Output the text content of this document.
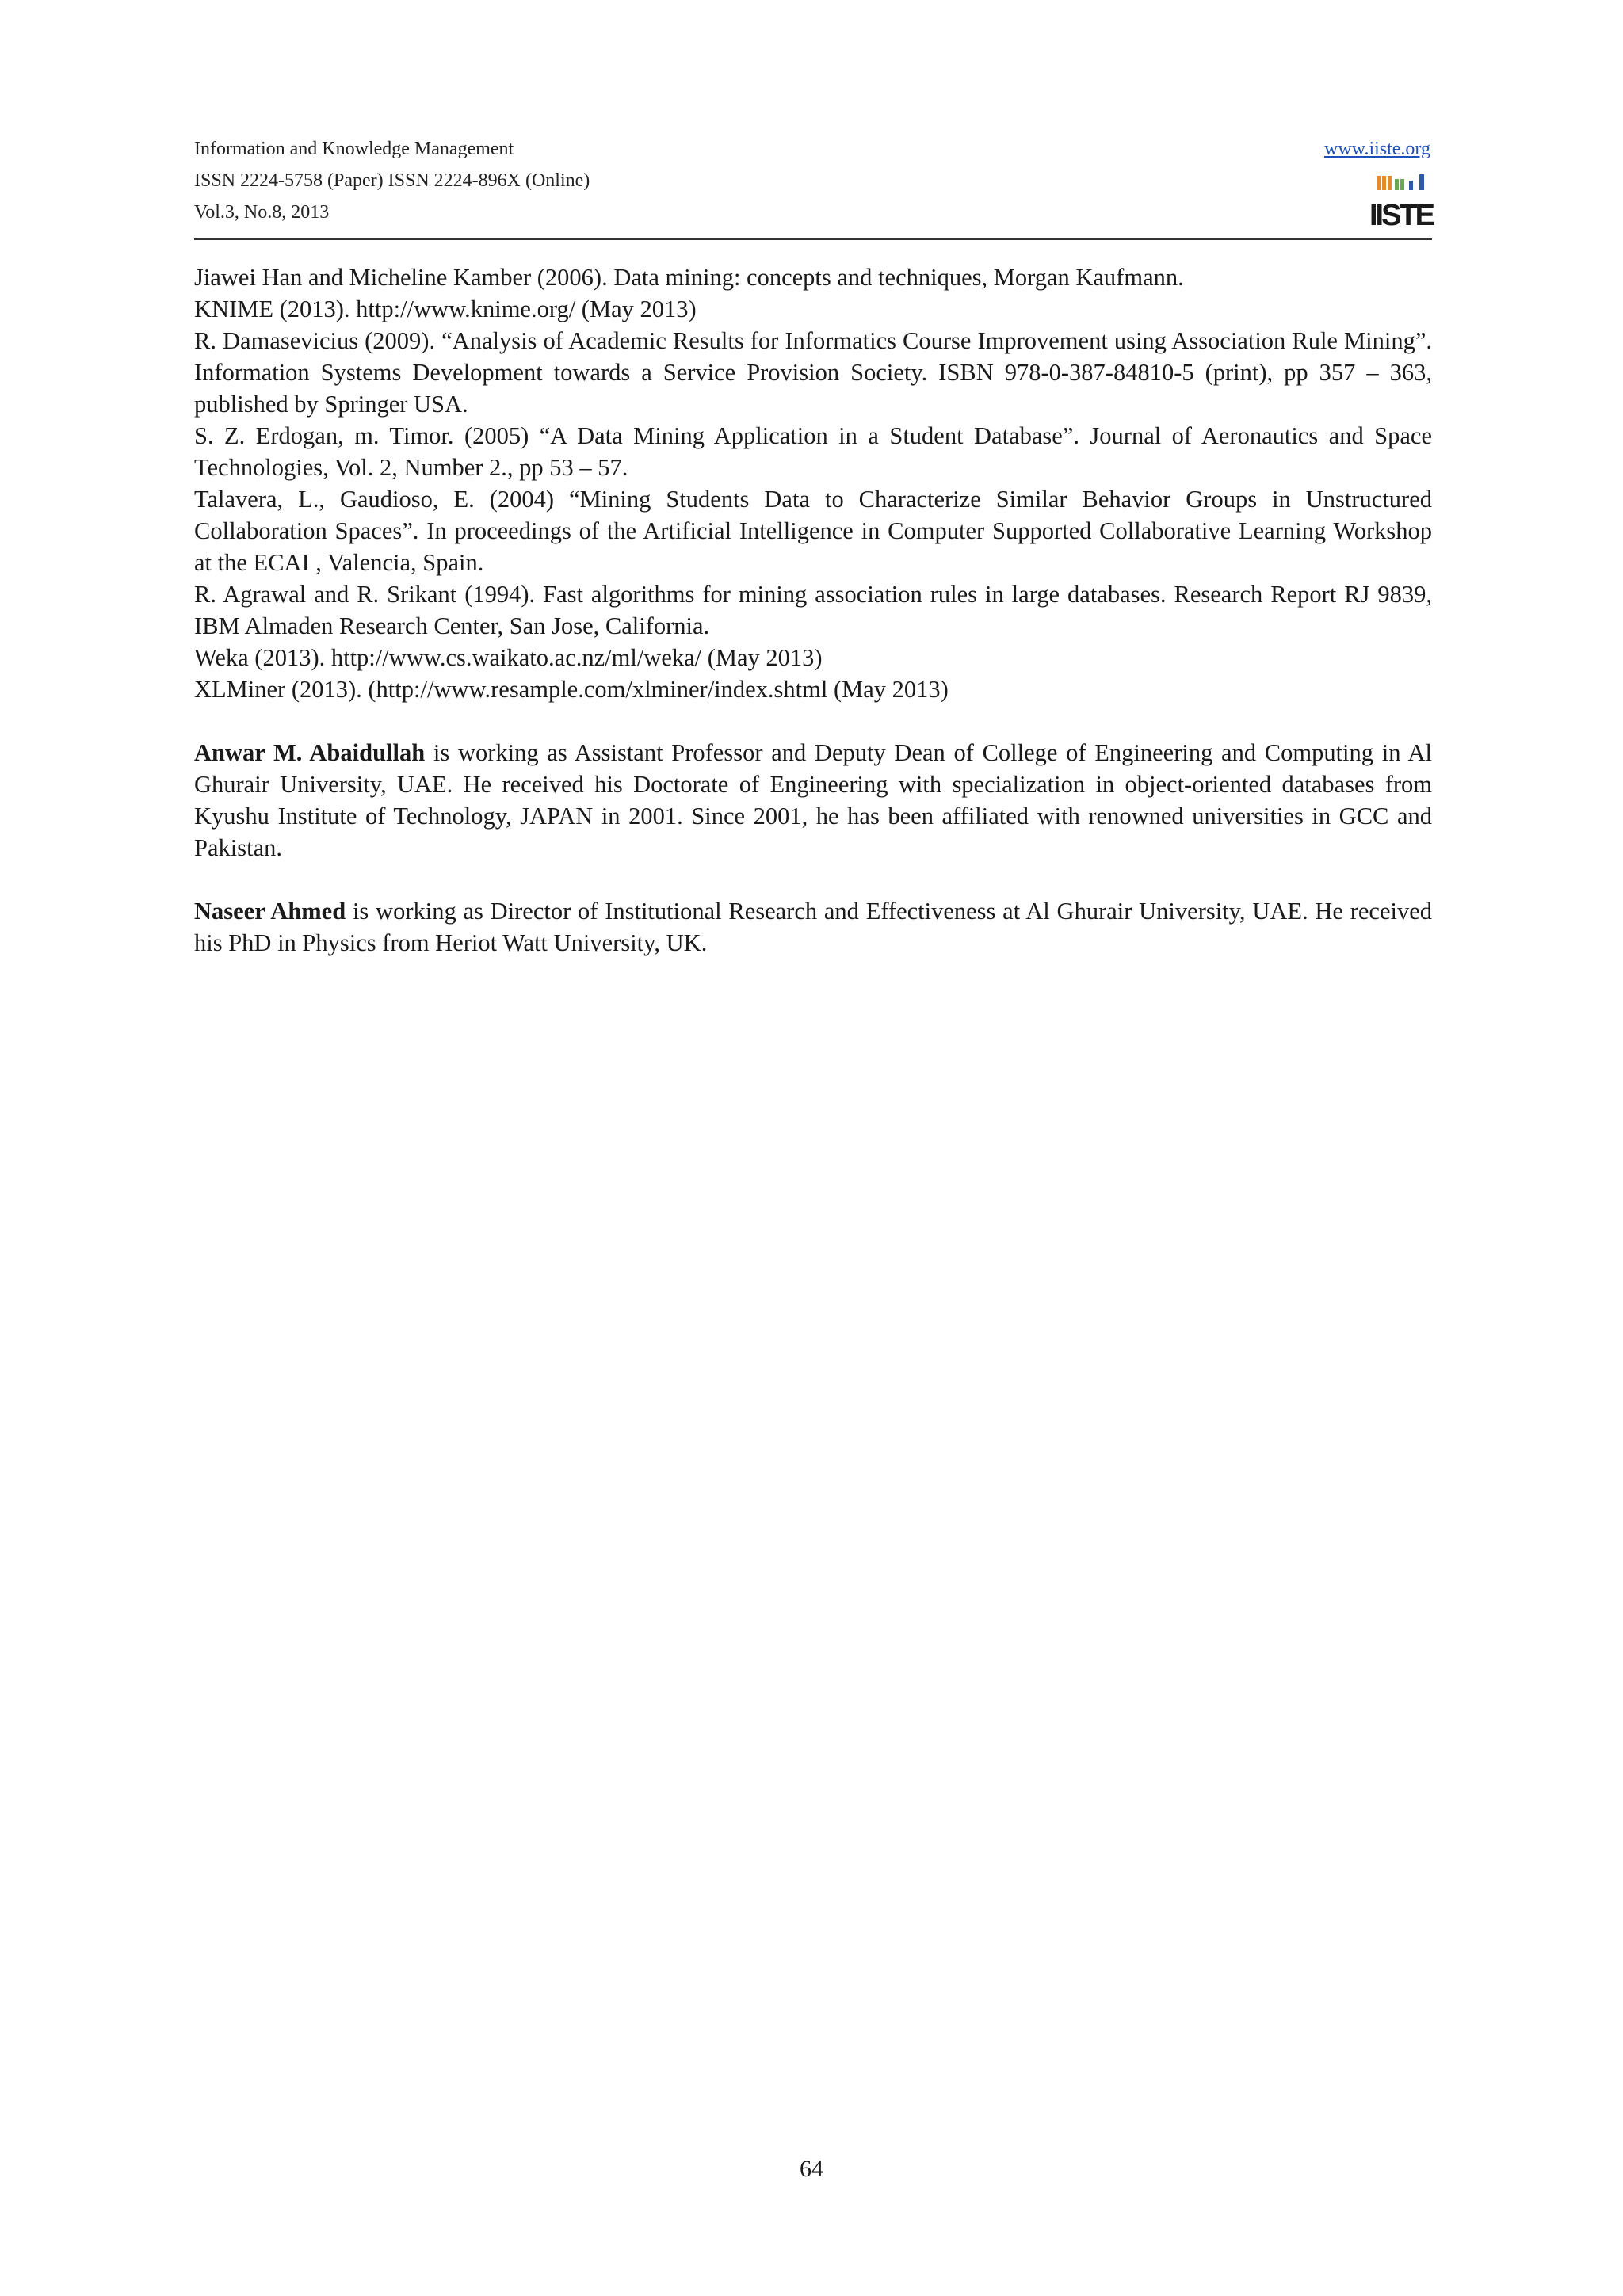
Information and Knowledge Management
ISSN 2224-5758 (Paper) ISSN 2224-896X (Online)
Vol.3, No.8, 2013
www.iiste.org
IISTE

Jiawei Han and Micheline Kamber (2006). Data mining: concepts and techniques, Morgan Kaufmann.

KNIME (2013). http://www.knime.org/ (May 2013)

R. Damasevicius (2009). “Analysis of Academic Results for Informatics Course Improvement using Association Rule Mining”. Information Systems Development towards a Service Provision Society. ISBN 978-0-387-84810-5 (print), pp 357 – 363, published by Springer USA.

S. Z. Erdogan, m. Timor. (2005) “A Data Mining Application in a Student Database”. Journal of Aeronautics and Space Technologies, Vol. 2, Number 2., pp 53 – 57.

Talavera, L., Gaudioso, E. (2004) “Mining Students Data to Characterize Similar Behavior Groups in Unstructured Collaboration Spaces”. In proceedings of the Artificial Intelligence in Computer Supported Collaborative Learning Workshop at the ECAI , Valencia, Spain.

R. Agrawal and R. Srikant (1994). Fast algorithms for mining association rules in large databases. Research Report RJ 9839, IBM Almaden Research Center, San Jose, California.

Weka (2013). http://www.cs.waikato.ac.nz/ml/weka/ (May 2013)

XLMiner (2013). (http://www.resample.com/xlminer/index.shtml (May 2013)

Anwar M. Abaidullah is working as Assistant Professor and Deputy Dean of College of Engineering and Computing in Al Ghurair University, UAE. He received his Doctorate of Engineering with specialization in object-oriented databases from Kyushu Institute of Technology, JAPAN in 2001. Since 2001, he has been affiliated with renowned universities in GCC and Pakistan.

Naseer Ahmed is working as Director of Institutional Research and Effectiveness at Al Ghurair University, UAE. He received his PhD in Physics from Heriot Watt University, UK.

64
